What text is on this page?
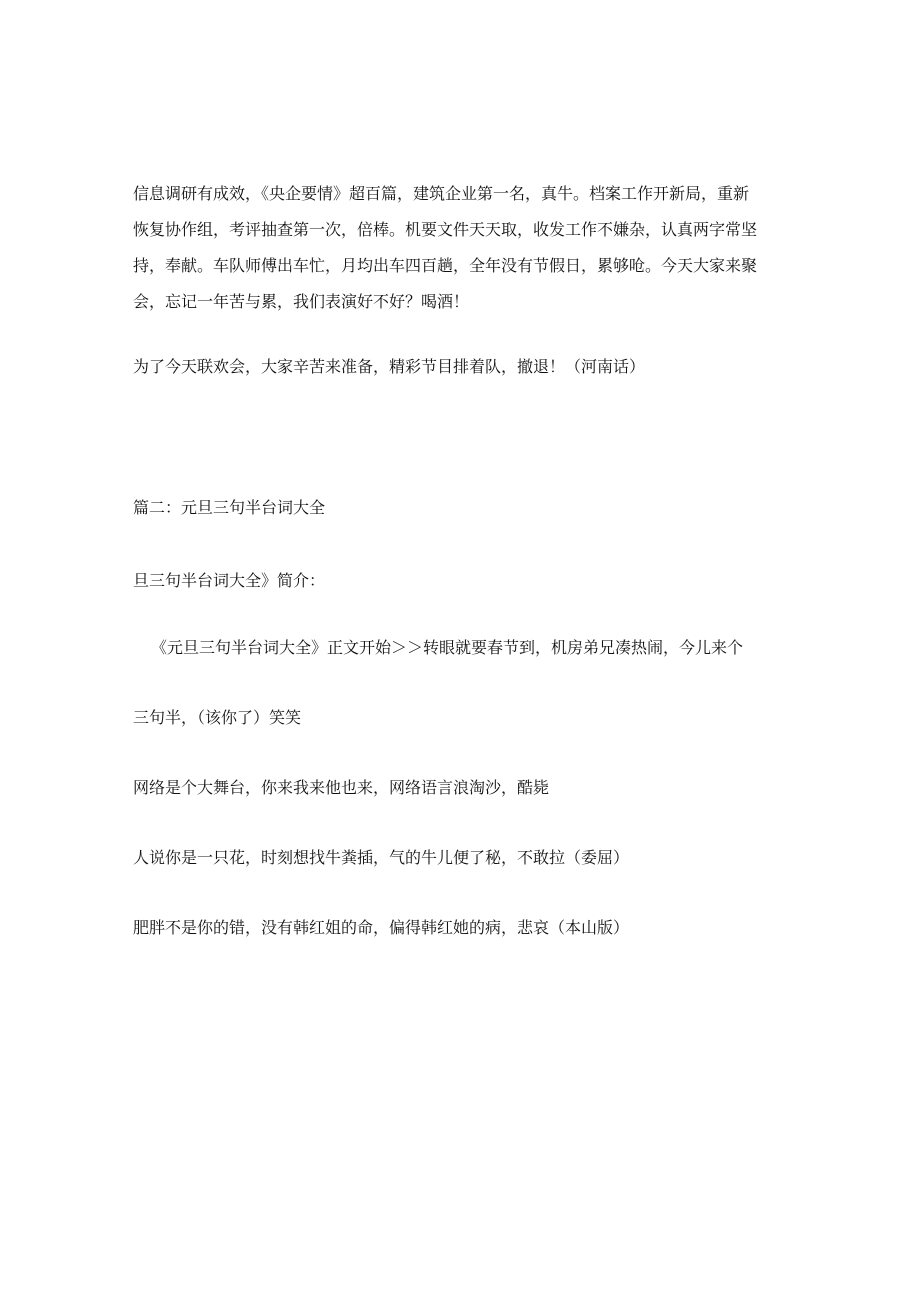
信息调研有成效，《央企要情》超百篇，建筑企业第一名，真牛。档案工作开新局，重新
恢复协作组，考评抽查第一次，倍棒。机要文件天天取，收发工作不嫌杂，认真两字常坚
持，奉献。车队师傅出车忙，月均出车四百趟，全年没有节假日，累够呛。今天大家来聚
会，忘记一年苦与累，我们表演好不好？喝酒！
为了今天联欢会，大家辛苦来准备，精彩节目排着队，撤退！（河南话）
篇二：元旦三句半台词大全
旦三句半台词大全》简介：
《元旦三句半台词大全》正文开始＞＞转眼就要春节到，机房弟兄凑热闹，今儿来个
三句半，（该你了）笑笑
网络是个大舞台，你来我来他也来，网络语言浪淘沙，酷毙
人说你是一只花，时刻想找牛粪插，气的牛儿便了秘，不敢拉（委屈）
肥胖不是你的错，没有韩红姐的命，偏得韩红她的病，悲哀（本山版）
